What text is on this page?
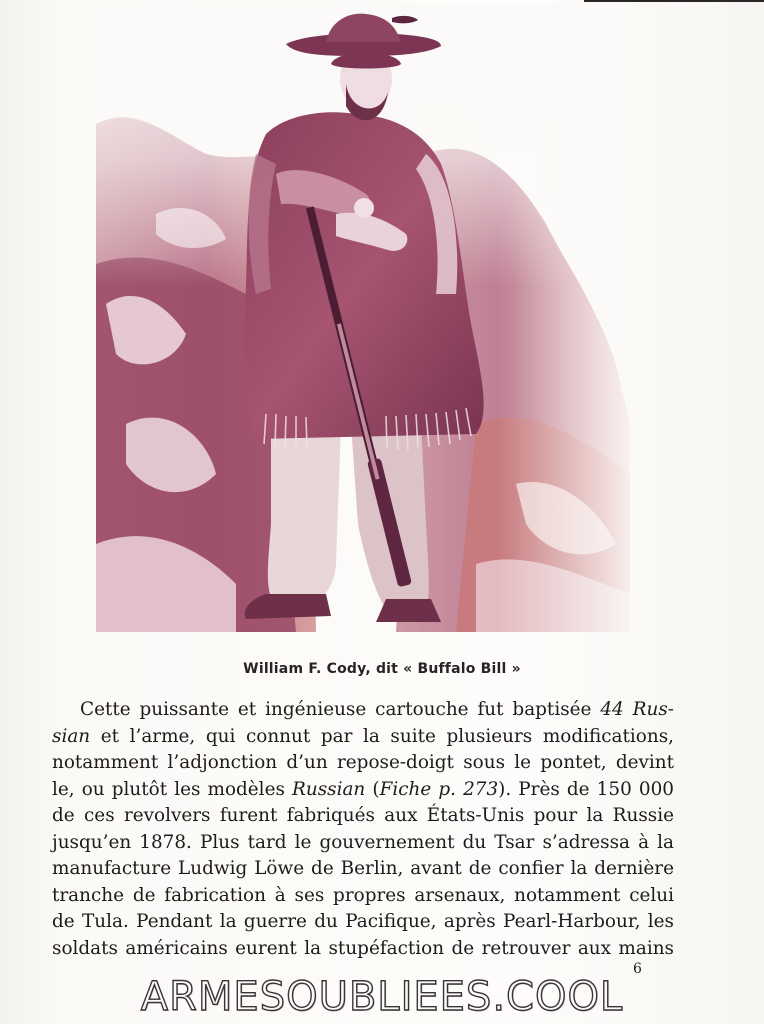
William F. Cody, dit « Buffalo Bill »
Cette puissante et ingénieuse cartouche fut baptisée 44 Rus-
sian et l’arme, qui connut par la suite plusieurs modifications,
notamment l’adjonction d’un repose-doigt sous le pontet, devint
le, ou plutôt les modèles Russian (Fiche p. 273). Près de 150 000
de ces revolvers furent fabriqués aux États-Unis pour la Russie
jusqu’en 1878. Plus tard le gouvernement du Tsar s’adressa à la
manufacture Ludwig Löwe de Berlin, avant de confier la dernière
tranche de fabrication à ses propres arsenaux, notamment celui
de Tula. Pendant la guerre du Pacifique, après Pearl-Harbour, les
soldats américains eurent la stupéfaction de retrouver aux mains
6
ARMESOUBLIEES.COOL
